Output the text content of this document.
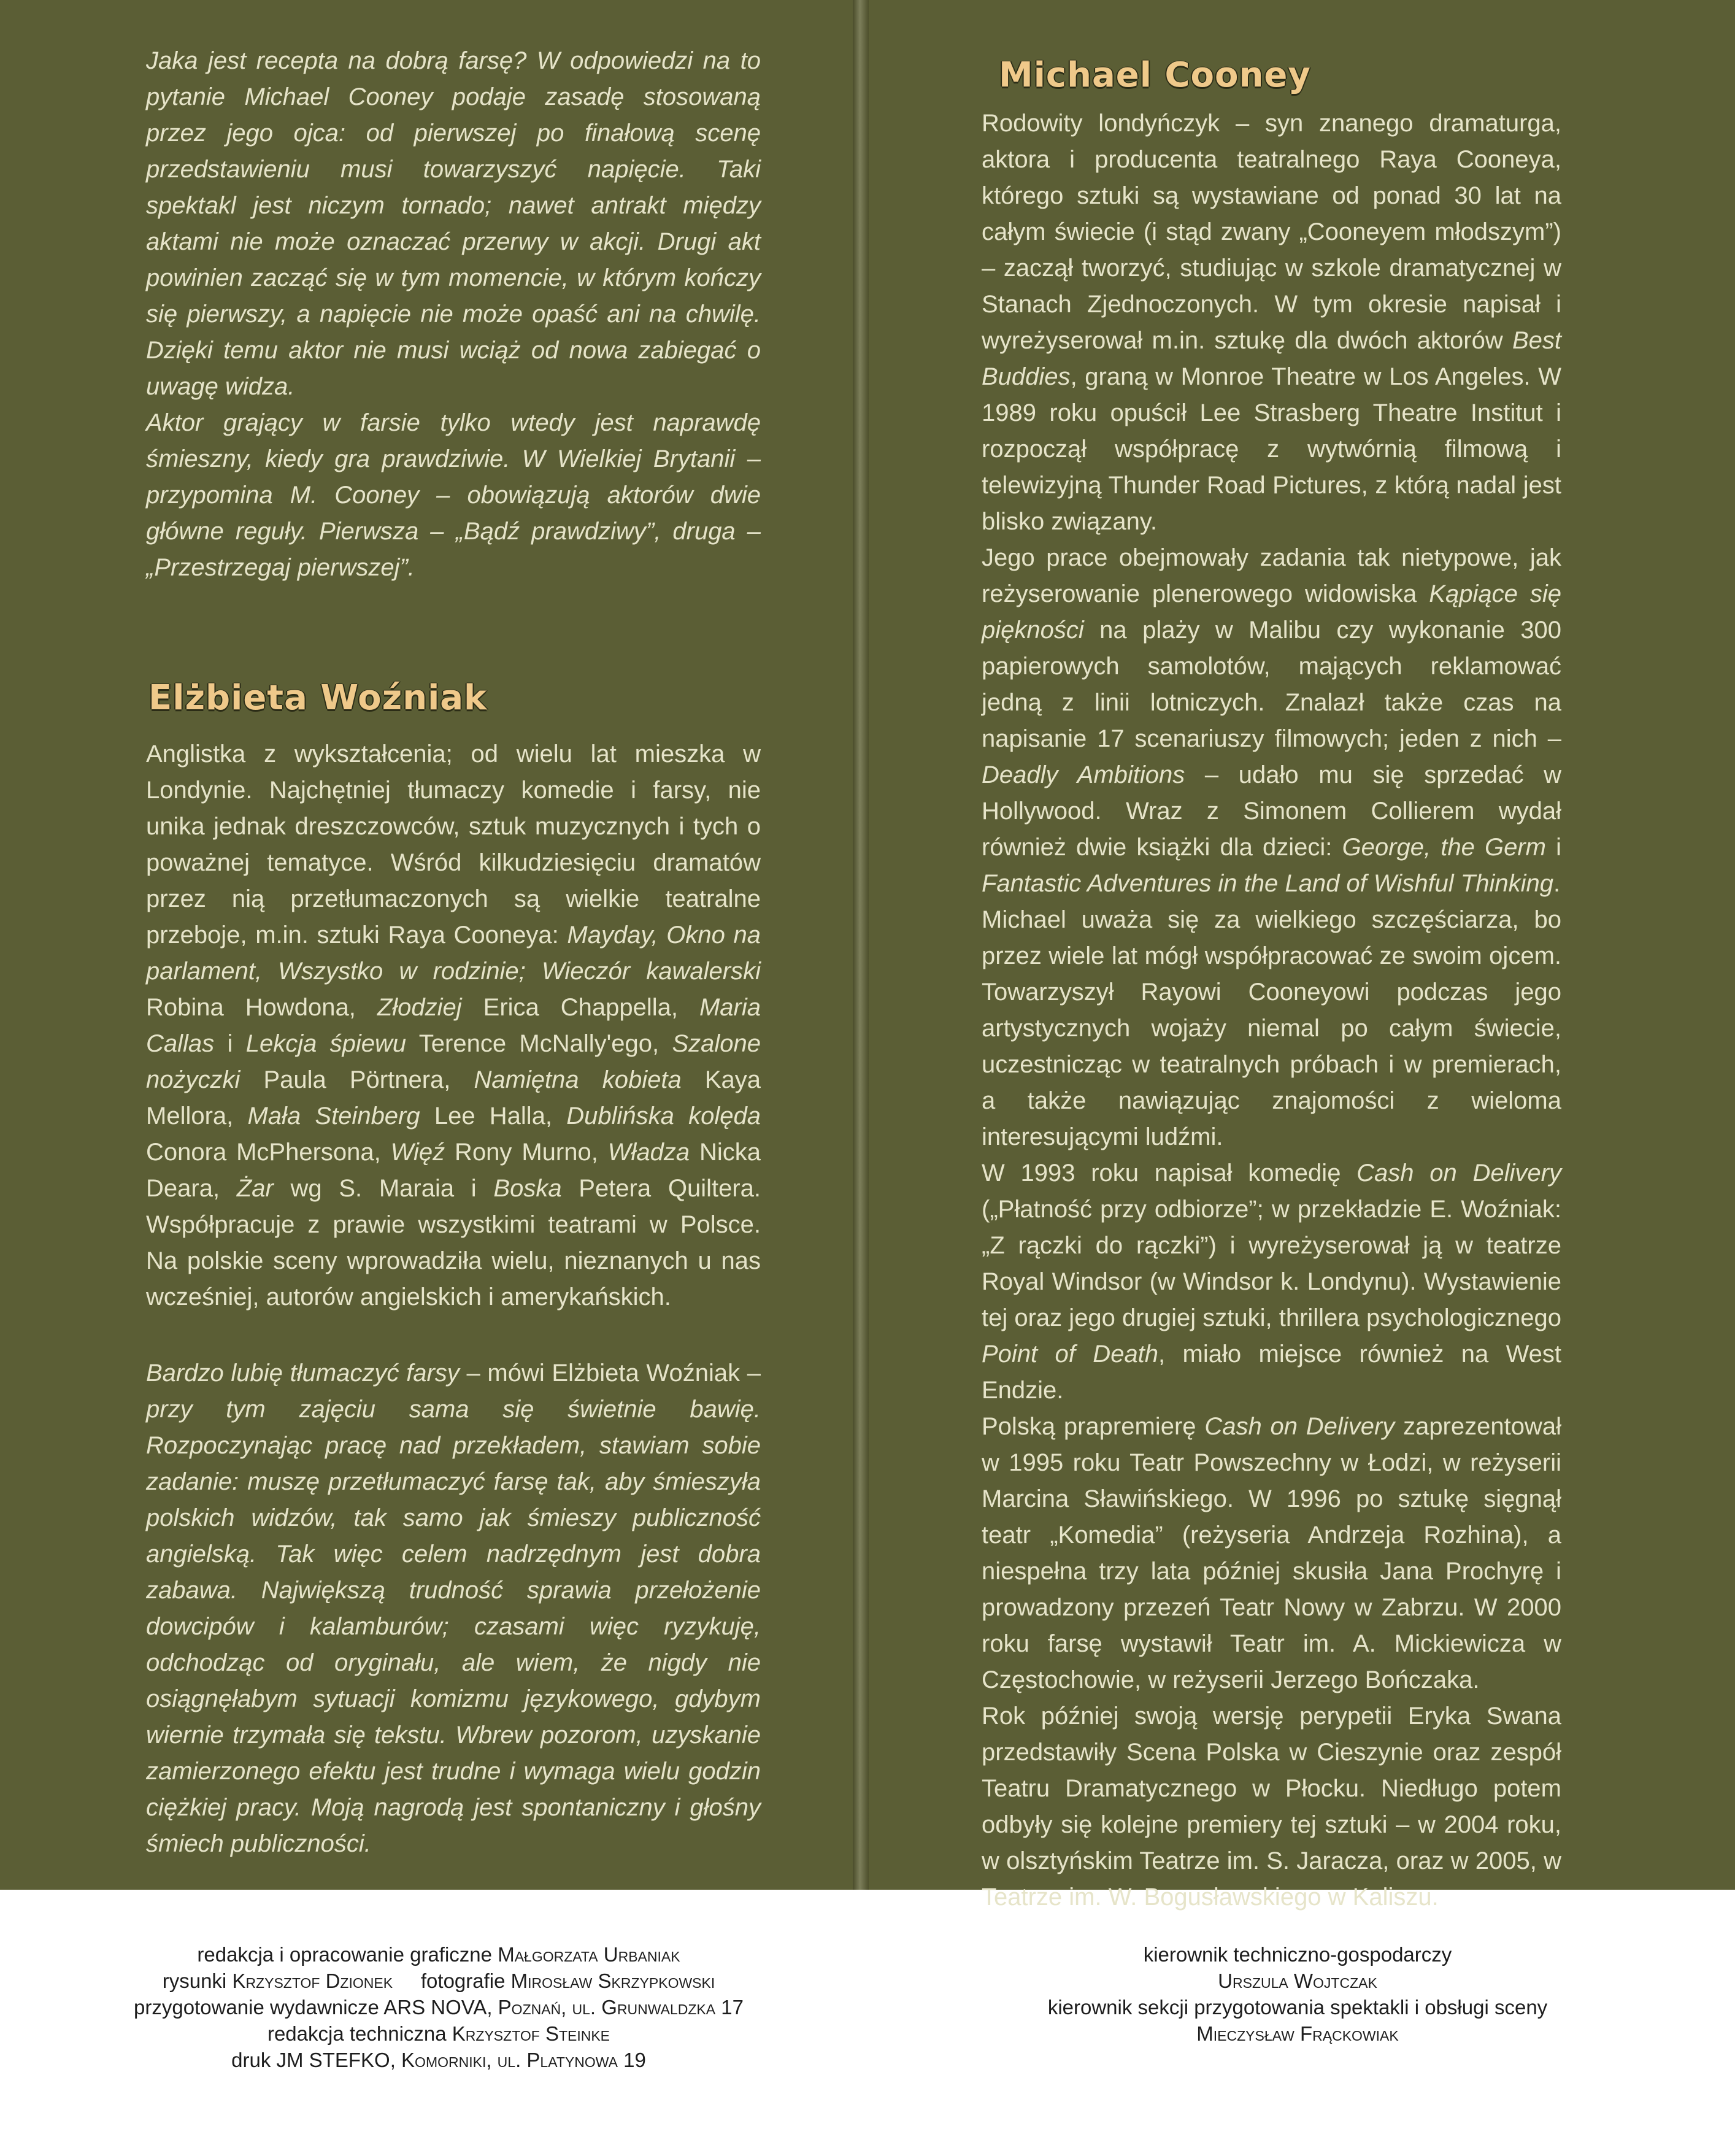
Jaka jest recepta na dobrą farsę? W odpowiedzi na to pytanie Michael Cooney podaje zasadę stosowaną przez jego ojca: od pierwszej po finałową scenę przedstawieniu musi towarzyszyć napięcie. Taki spektakl jest niczym tornado; nawet antrakt między aktami nie może oznaczać przerwy w akcji. Drugi akt powinien zacząć się w tym momencie, w którym kończy się pierwszy, a napięcie nie może opaść ani na chwilę. Dzięki temu aktor nie musi wciąż od nowa zabiegać o uwagę widza.

Aktor grający w farsie tylko wtedy jest naprawdę śmieszny, kiedy gra prawdziwie. W Wielkiej Brytanii – przypomina M. Cooney – obowiązują aktorów dwie główne reguły. Pierwsza – „Bądź prawdziwy”, druga – „Przestrzegaj pierwszej”.

Elżbieta Woźniak

Anglistka z wykształcenia; od wielu lat mieszka w Londynie. Najchętniej tłumaczy komedie i farsy, nie unika jednak dreszczowców, sztuk muzycznych i tych o poważnej tematyce. Wśród kilkudziesięciu dramatów przez nią przetłumaczonych są wielkie teatralne przeboje, m.in. sztuki Raya Cooneya: Mayday, Okno na parlament, Wszystko w rodzinie; Wieczór kawalerski Robina Howdona, Złodziej Erica Chappella, Maria Callas i Lekcja śpiewu Terence McNally'ego, Szalone nożyczki Paula Pörtnera, Namiętna kobieta Kaya Mellora, Mała Steinberg Lee Halla, Dublińska kolęda Conora McPhersona, Więź Rony Murno, Władza Nicka Deara, Żar wg S. Maraia i Boska Petera Quiltera. Współpracuje z prawie wszystkimi teatrami w Polsce. Na polskie sceny wprowadziła wielu, nieznanych u nas wcześniej, autorów angielskich i amerykańskich.

Bardzo lubię tłumaczyć farsy – mówi Elżbieta Woźniak – przy tym zajęciu sama się świetnie bawię. Rozpoczynając pracę nad przekładem, stawiam sobie zadanie: muszę przetłumaczyć farsę tak, aby śmieszyła polskich widzów, tak samo jak śmieszy publiczność angielską. Tak więc celem nadrzędnym jest dobra zabawa. Największą trudność sprawia przełożenie dowcipów i kalamburów; czasami więc ryzykuję, odchodząc od oryginału, ale wiem, że nigdy nie osiągnęłabym sytuacji komizmu językowego, gdybym wiernie trzymała się tekstu. Wbrew pozorom, uzyskanie zamierzonego efektu jest trudne i wymaga wielu godzin ciężkiej pracy. Moją nagrodą jest spontaniczny i głośny śmiech publiczności.

Michael Cooney

Rodowity londyńczyk – syn znanego dramaturga, aktora i producenta teatralnego Raya Cooneya, którego sztuki są wystawiane od ponad 30 lat na całym świecie (i stąd zwany „Cooneyem młodszym”) – zaczął tworzyć, studiując w szkole dramatycznej w Stanach Zjednoczonych. W tym okresie napisał i wyreżyserował m.in. sztukę dla dwóch aktorów Best Buddies, graną w Monroe Theatre w Los Angeles. W 1989 roku opuścił Lee Strasberg Theatre Institut i rozpoczął współpracę z wytwórnią filmową i telewizyjną Thunder Road Pictures, z którą nadal jest blisko związany.

Jego prace obejmowały zadania tak nietypowe, jak reżyserowanie plenerowego widowiska Kąpiące się piękności na plaży w Malibu czy wykonanie 300 papierowych samolotów, mających reklamować jedną z linii lotniczych. Znalazł także czas na napisanie 17 scenariuszy filmowych; jeden z nich – Deadly Ambitions – udało mu się sprzedać w Hollywood. Wraz z Simonem Collierem wydał również dwie książki dla dzieci: George, the Germ i Fantastic Adventures in the Land of Wishful Thinking.

Michael uważa się za wielkiego szczęściarza, bo przez wiele lat mógł współpracować ze swoim ojcem. Towarzyszył Rayowi Cooneyowi podczas jego artystycznych wojaży niemal po całym świecie, uczestnicząc w teatralnych próbach i w premierach, a także nawiązując znajomości z wieloma interesującymi ludźmi.

W 1993 roku napisał komedię Cash on Delivery („Płatność przy odbiorze”; w przekładzie E. Woźniak: „Z rączki do rączki”) i wyreżyserował ją w teatrze Royal Windsor (w Windsor k. Londynu). Wystawienie tej oraz jego drugiej sztuki, thrillera psychologicznego Point of Death, miało miejsce również na West Endzie.

Polską prapremierę Cash on Delivery zaprezentował w 1995 roku Teatr Powszechny w Łodzi, w reżyserii Marcina Sławińskiego. W 1996 po sztukę sięgnął teatr „Komedia” (reżyseria Andrzeja Rozhina), a niespełna trzy lata później skusiła Jana Prochyrę i prowadzony przezeń Teatr Nowy w Zabrzu. W 2000 roku farsę wystawił Teatr im. A. Mickiewicza w Częstochowie, w reżyserii Jerzego Bończaka.

Rok później swoją wersję perypetii Eryka Swana przedstawiły Scena Polska w Cieszynie oraz zespół Teatru Dramatycznego w Płocku. Niedługo potem odbyły się kolejne premiery tej sztuki – w 2004 roku, w olsztyńskim Teatrze im. S. Jaracza, oraz w 2005, w Teatrze im. W. Bogusławskiego w Kaliszu.

redakcja i opracowanie graficzne Małgorzata Urbaniak
rysunki Krzysztof Dzionek fotografie Mirosław Skrzypkowski
przygotowanie wydawnicze ARS NOVA, Poznań, ul. Grunwaldzka 17
redakcja techniczna Krzysztof Steinke
druk JM STEFKO, Komorniki, ul. Platynowa 19
kierownik techniczno-gospodarczy
Urszula Wojtczak
kierownik sekcji przygotowania spektakli i obsługi sceny
Mieczysław Frąckowiak
